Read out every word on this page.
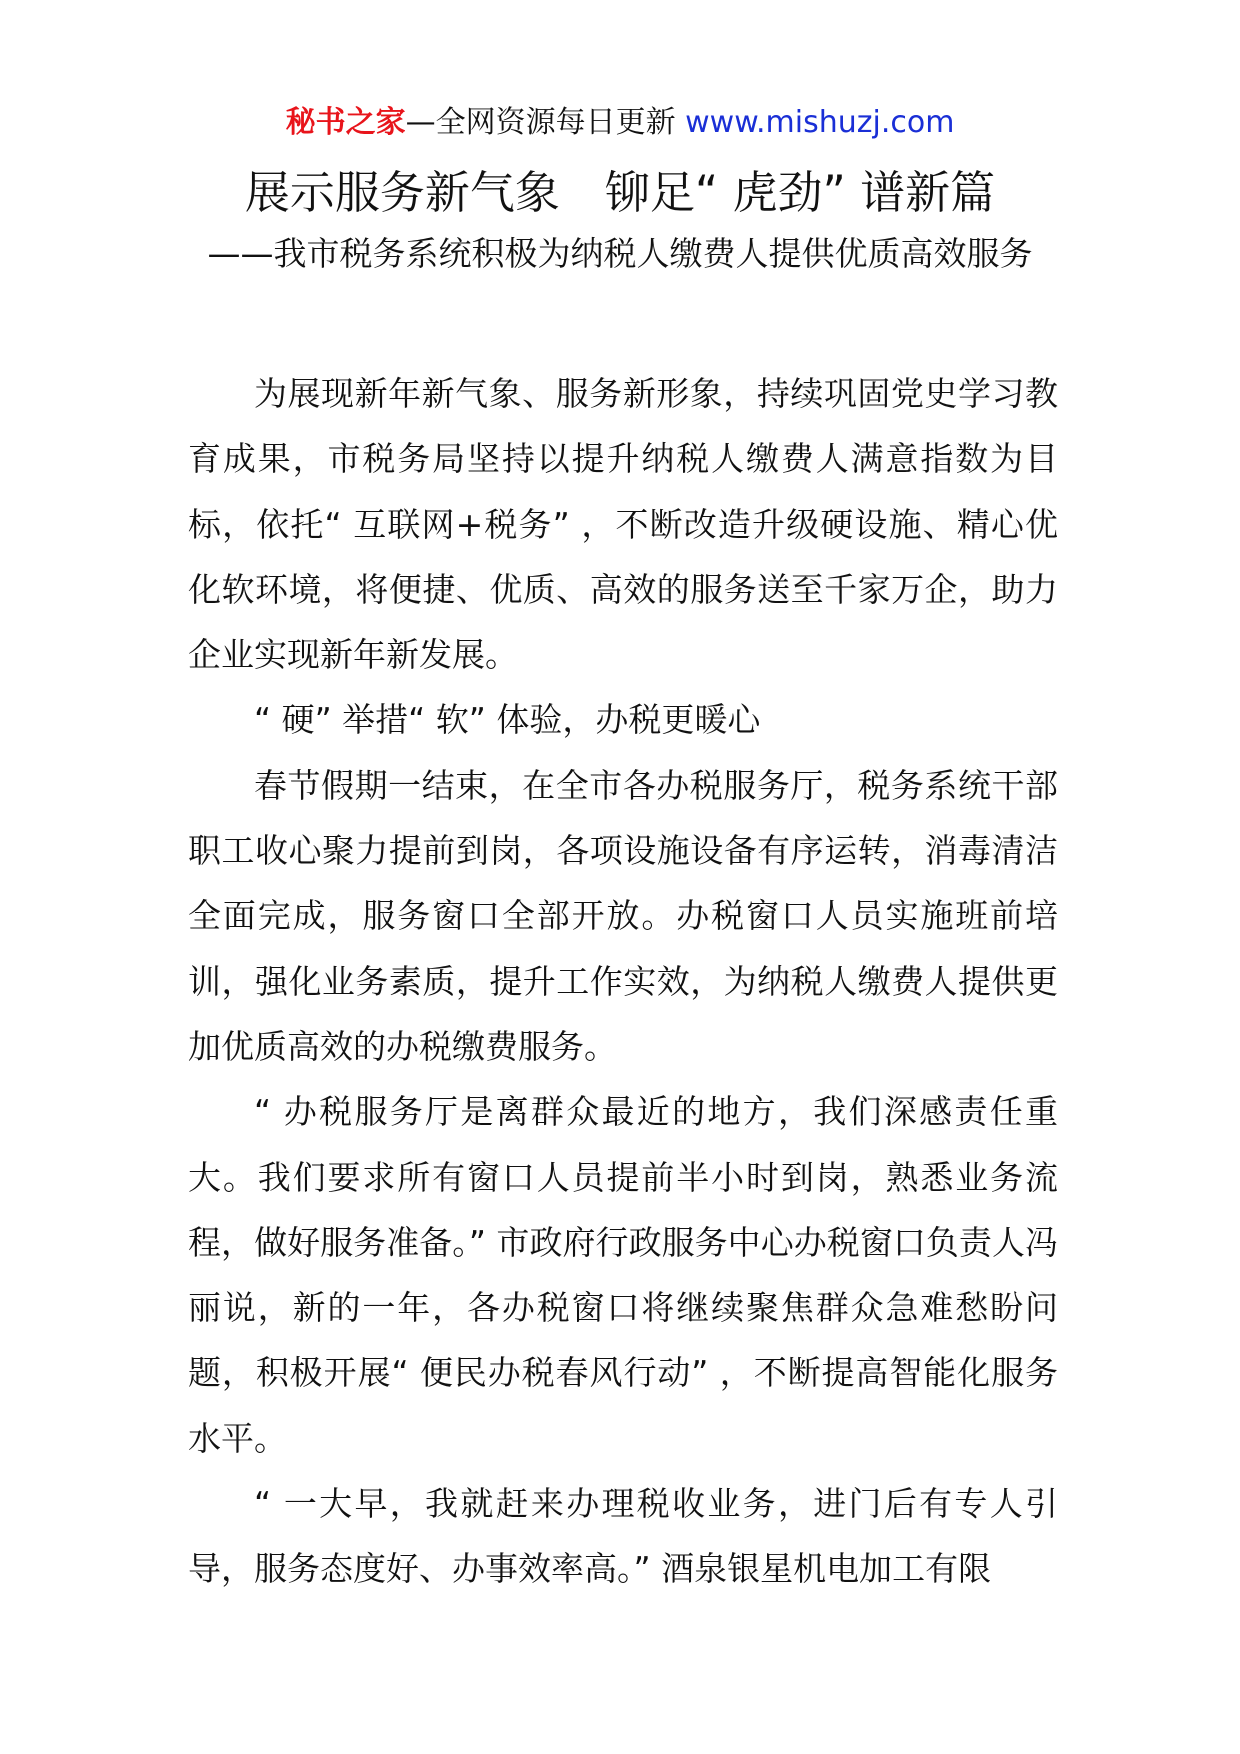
秘书之家—全网资源每日更新 www.mishuzj.com
展示服务新气象　铆足“ 虎劲” 谱新篇
——我市税务系统积极为纳税人缴费人提供优质高效服务

为展现新年新气象、服务新形象，持续巩固党史学习教育成果，市税务局坚持以提升纳税人缴费人满意指数为目标，依托“ 互联网+税务” ，不断改造升级硬设施、精心优化软环境，将便捷、优质、高效的服务送至千家万企，助力企业实现新年新发展。

“ 硬” 举措“ 软” 体验，办税更暖心

春节假期一结束，在全市各办税服务厅，税务系统干部职工收心聚力提前到岗，各项设施设备有序运转，消毒清洁全面完成，服务窗口全部开放。办税窗口人员实施班前培训，强化业务素质，提升工作实效，为纳税人缴费人提供更加优质高效的办税缴费服务。

“ 办税服务厅是离群众最近的地方，我们深感责任重大。我们要求所有窗口人员提前半小时到岗，熟悉业务流程，做好服务准备。” 市政府行政服务中心办税窗口负责人冯丽说，新的一年，各办税窗口将继续聚焦群众急难愁盼问题，积极开展“ 便民办税春风行动” ，不断提高智能化服务水平。

“ 一大早，我就赶来办理税收业务，进门后有专人引导，服务态度好、办事效率高。” 酒泉银星机电加工有限
